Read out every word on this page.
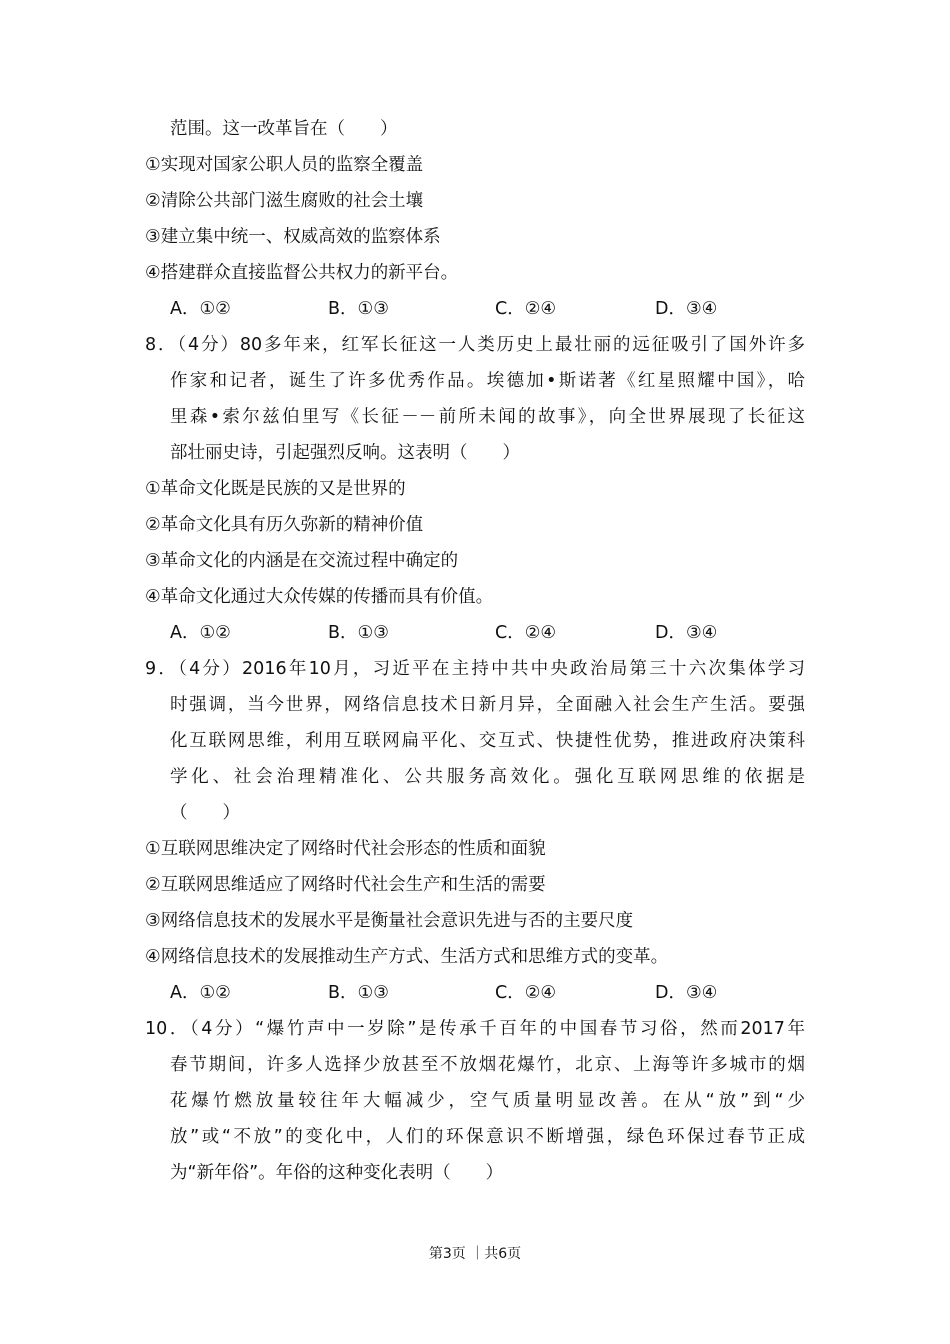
范围。这一改革旨在（　　）
①实现对国家公职人员的监察全覆盖
②清除公共部门滋生腐败的社会土壤
③建立集中统一、权威高效的监察体系
④搭建群众直接监督公共权力的新平台。
A．①②	B．①③	C．②④	D．③④
8．（4分）80多年来，红军长征这一人类历史上最壮丽的远征吸引了国外许多
作家和记者，诞生了许多优秀作品。埃德加•斯诺著《红星照耀中国》，哈
里森•索尔兹伯里写《长征－－前所未闻的故事》，向全世界展现了长征这
部壮丽史诗，引起强烈反响。这表明（　　）
①革命文化既是民族的又是世界的
②革命文化具有历久弥新的精神价值
③革命文化的内涵是在交流过程中确定的
④革命文化通过大众传媒的传播而具有价值。
A．①②	B．①③	C．②④	D．③④
9．（4分）2016年10月，习近平在主持中共中央政治局第三十六次集体学习
时强调，当今世界，网络信息技术日新月异，全面融入社会生产生活。要强
化互联网思维，利用互联网扁平化、交互式、快捷性优势，推进政府决策科
学化、社会治理精准化、公共服务高效化。强化互联网思维的依据是
（　　）
①互联网思维决定了网络时代社会形态的性质和面貌
②互联网思维适应了网络时代社会生产和生活的需要
③网络信息技术的发展水平是衡量社会意识先进与否的主要尺度
④网络信息技术的发展推动生产方式、生活方式和思维方式的变革。
A．①②	B．①③	C．②④	D．③④
10．（4分）“爆竹声中一岁除”是传承千百年的中国春节习俗，然而2017年
春节期间，许多人选择少放甚至不放烟花爆竹，北京、上海等许多城市的烟
花爆竹燃放量较往年大幅减少，空气质量明显改善。在从“放”到“少
放”或“不放”的变化中，人们的环保意识不断增强，绿色环保过春节正成
为“新年俗”。年俗的这种变化表明（　　）
第3页 ｜共6页
